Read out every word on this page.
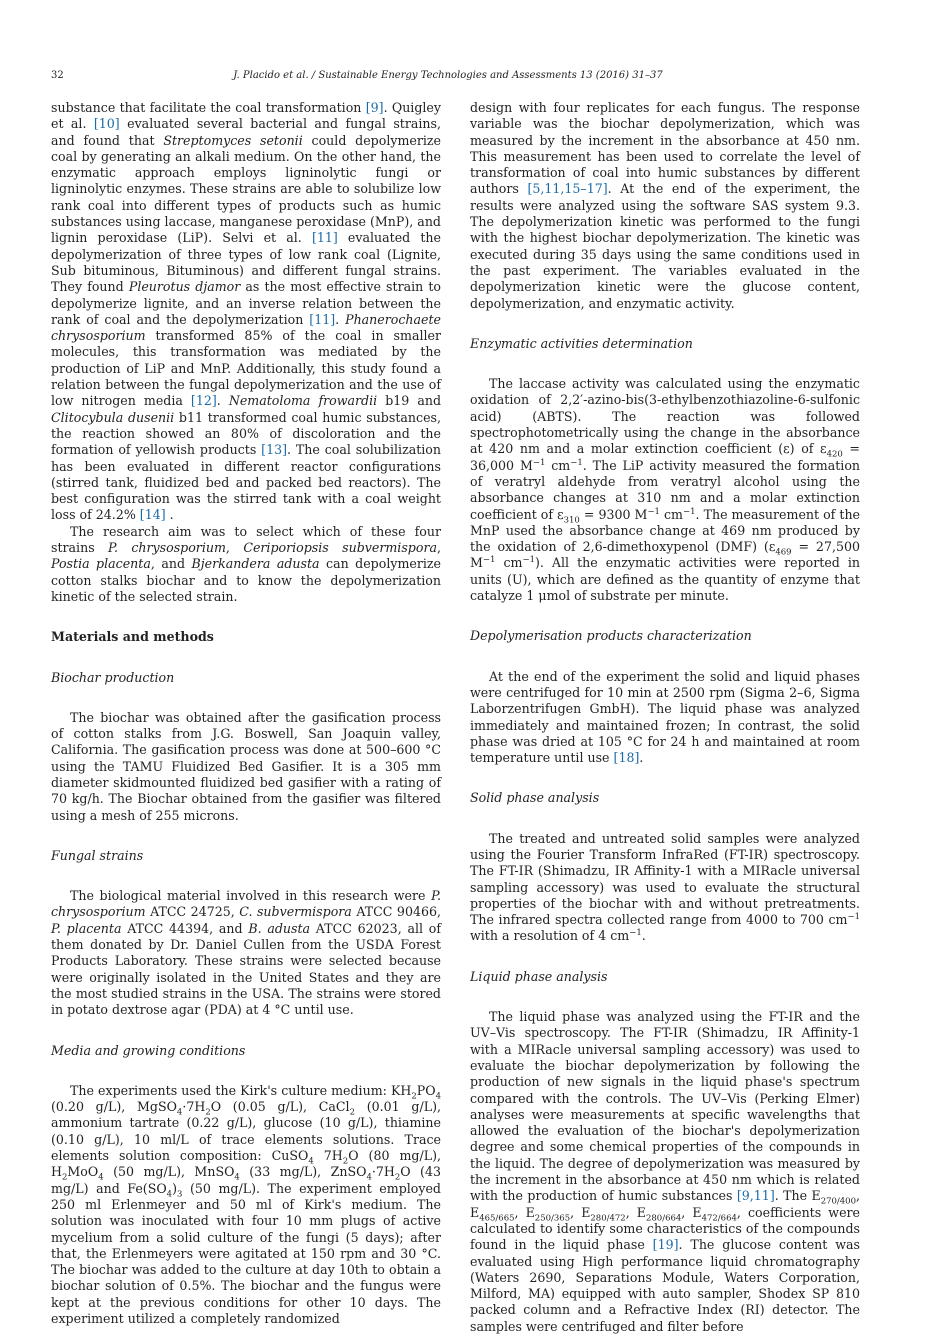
32	J. Placido et al. / Sustainable Energy Technologies and Assessments 13 (2016) 31–37

substance that facilitate the coal transformation [9]. Quigley et al. [10] evaluated several bacterial and fungal strains, and found that Streptomyces setonii could depolymerize coal by generating an alkali medium. On the other hand, the enzymatic approach employs ligninolytic fungi or ligninolytic enzymes. These strains are able to solubilize low rank coal into different types of products such as humic substances using laccase, manganese peroxidase (MnP), and lignin peroxidase (LiP). Selvi et al. [11] evaluated the depolymerization of three types of low rank coal (Lignite, Sub bituminous, Bituminous) and different fungal strains. They found Pleurotus djamor as the most effective strain to depolymerize lignite, and an inverse relation between the rank of coal and the depolymerization [11]. Phanerochaete chrysosporium transformed 85% of the coal in smaller molecules, this transformation was mediated by the production of LiP and MnP. Additionally, this study found a relation between the fungal depolymerization and the use of low nitrogen media [12]. Nematoloma frowardii b19 and Clitocybula dusenii b11 transformed coal humic substances, the reaction showed an 80% of discoloration and the formation of yellowish products [13]. The coal solubilization has been evaluated in different reactor configurations (stirred tank, fluidized bed and packed bed reactors). The best configuration was the stirred tank with a coal weight loss of 24.2% [14] .

The research aim was to select which of these four strains P. chrysosporium, Ceriporiopsis subvermispora, Postia placenta, and Bjerkandera adusta can depolymerize cotton stalks biochar and to know the depolymerization kinetic of the selected strain.

Materials and methods
Biochar production

The biochar was obtained after the gasification process of cotton stalks from J.G. Boswell, San Joaquin valley, California. The gasification process was done at 500–600 °C using the TAMU Fluidized Bed Gasifier. It is a 305 mm diameter skidmounted fluidized bed gasifier with a rating of 70 kg/h. The Biochar obtained from the gasifier was filtered using a mesh of 255 microns.

Fungal strains

The biological material involved in this research were P. chrysosporium ATCC 24725, C. subvermispora ATCC 90466, P. placenta ATCC 44394, and B. adusta ATCC 62023, all of them donated by Dr. Daniel Cullen from the USDA Forest Products Laboratory. These strains were selected because were originally isolated in the United States and they are the most studied strains in the USA. The strains were stored in potato dextrose agar (PDA) at 4 °C until use.

Media and growing conditions

The experiments used the Kirk's culture medium: $KH_2PO_4$ (0.20 g/L), $MgSO_4\cdot 7H_2O$ (0.05 g/L), CaCl$_2$ (0.01 g/L), ammonium tartrate (0.22 g/L), glucose (10 g/L), thiamine (0.10 g/L), 10 ml/L of trace elements solutions. Trace elements solution composition: CuSO$_4$ $7H_2O$ (80 mg/L), $H_2MoO_4$ (50 mg/L), MnSO$_4$ (33 mg/L), $ZnSO_4\cdot 7H_2O$ (43 mg/L) and $Fe(SO_4)_3$ (50 mg/L). The experiment employed 250 ml Erlenmeyer and 50 ml of Kirk's medium. The solution was inoculated with four 10 mm plugs of active mycelium from a solid culture of the fungi (5 days); after that, the Erlenmeyers were agitated at 150 rpm and 30 °C. The biochar was added to the culture at day 10th to obtain a biochar solution of 0.5%. The biochar and the fungus were kept at the previous conditions for other 10 days. The experiment utilized a completely randomized

design with four replicates for each fungus. The response variable was the biochar depolymerization, which was measured by the increment in the absorbance at 450 nm. This measurement has been used to correlate the level of transformation of coal into humic substances by different authors [5,11,15–17]. At the end of the experiment, the results were analyzed using the software SAS system 9.3. The depolymerization kinetic was performed to the fungi with the highest biochar depolymerization. The kinetic was executed during 35 days using the same conditions used in the past experiment. The variables evaluated in the depolymerization kinetic were the glucose content, depolymerization, and enzymatic activity.

Enzymatic activities determination

The laccase activity was calculated using the enzymatic oxidation of 2,2′-azino-bis(3-ethylbenzothiazoline-6-sulfonic acid) (ABTS). The reaction was followed spectrophotometrically using the change in the absorbance at 420 nm and a molar extinction coefficient (ε) of $\varepsilon_{420} = 36,000$ $M^{-1}$ $cm^{-1}$. The LiP activity measured the formation of veratryl aldehyde from veratryl alcohol using the absorbance changes at 310 nm and a molar extinction coefficient of $\varepsilon_{310} = 9300$ $M^{-1}$ $cm^{-1}$. The measurement of the MnP used the absorbance change at 469 nm produced by the oxidation of 2,6-dimethoxypenol (DMF) ($\varepsilon_{469} = 27,500$ $M^{-1}$ $cm^{-1}$). All the enzymatic activities were reported in units (U), which are defined as the quantity of enzyme that catalyze 1 μmol of substrate per minute.

Depolymerisation products characterization

At the end of the experiment the solid and liquid phases were centrifuged for 10 min at 2500 rpm (Sigma 2–6, Sigma Laborzentrifugen GmbH). The liquid phase was analyzed immediately and maintained frozen; In contrast, the solid phase was dried at 105 °C for 24 h and maintained at room temperature until use [18].

Solid phase analysis

The treated and untreated solid samples were analyzed using the Fourier Transform InfraRed (FT-IR) spectroscopy. The FT-IR (Shimadzu, IR Affinity-1 with a MIRacle universal sampling accessory) was used to evaluate the structural properties of the biochar with and without pretreatments. The infrared spectra collected range from 4000 to 700 $cm^{-1}$ with a resolution of 4 $cm^{-1}$.

Liquid phase analysis

The liquid phase was analyzed using the FT-IR and the UV–Vis spectroscopy. The FT-IR (Shimadzu, IR Affinity-1 with a MIRacle universal sampling accessory) was used to evaluate the biochar depolymerization by following the production of new signals in the liquid phase's spectrum compared with the controls. The UV–Vis (Perking Elmer) analyses were measurements at specific wavelengths that allowed the evaluation of the biochar's depolymerization degree and some chemical properties of the compounds in the liquid. The degree of depolymerization was measured by the increment in the absorbance at 450 nm which is related with the production of humic substances [9,11]. The $E_{270/400}$, $E_{465/665}$, $E_{250/365}$, $E_{280/472}$, $E_{280/664}$, $E_{472/664}$, coefficients were calculated to identify some characteristics of the compounds found in the liquid phase [19]. The glucose content was evaluated using High performance liquid chromatography (Waters 2690, Separations Module, Waters Corporation, Milford, MA) equipped with auto sampler, Shodex SP 810 packed column and a Refractive Index (RI) detector. The samples were centrifuged and filter before
